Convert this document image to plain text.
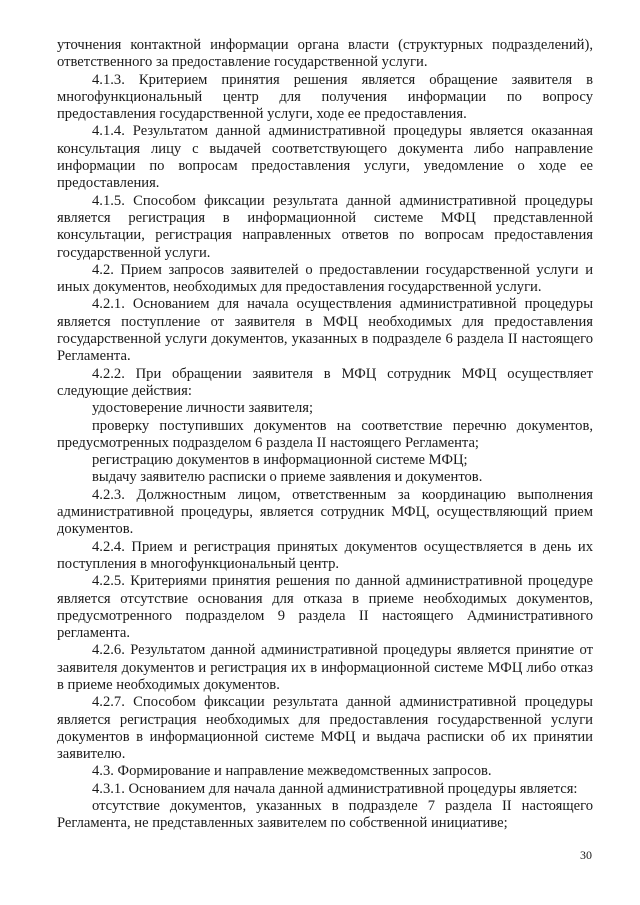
уточнения контактной информации органа власти (структурных подразделений), ответственного за предоставление государственной услуги.

4.1.3. Критерием принятия решения является обращение заявителя в многофункциональный центр для получения информации по вопросу предоставления государственной услуги, ходе ее предоставления.

4.1.4. Результатом данной административной процедуры является оказанная консультация лицу с выдачей соответствующего документа либо направление информации по вопросам предоставления услуги, уведомление о ходе ее предоставления.

4.1.5. Способом фиксации результата данной административной процедуры является регистрация в информационной системе МФЦ представленной консультации, регистрация направленных ответов по вопросам предоставления государственной услуги.

4.2. Прием запросов заявителей о предоставлении государственной услуги и иных документов, необходимых для предоставления государственной услуги.

4.2.1. Основанием для начала осуществления административной процедуры является поступление от заявителя в МФЦ необходимых для предоставления государственной услуги документов, указанных в подразделе 6 раздела II настоящего Регламента.

4.2.2. При обращении заявителя в МФЦ сотрудник МФЦ осуществляет следующие действия:

удостоверение личности заявителя;

проверку поступивших документов на соответствие перечню документов, предусмотренных подразделом 6 раздела II настоящего Регламента;

регистрацию документов в информационной системе МФЦ;

выдачу заявителю расписки о приеме заявления и документов.

4.2.3. Должностным лицом, ответственным за координацию выполнения административной процедуры, является сотрудник МФЦ, осуществляющий прием документов.

4.2.4. Прием и регистрация принятых документов осуществляется в день их поступления в многофункциональный центр.

4.2.5. Критериями принятия решения по данной административной процедуре является отсутствие основания для отказа в приеме необходимых документов, предусмотренного подразделом 9 раздела II настоящего Административного регламента.

4.2.6. Результатом данной административной процедуры является принятие от заявителя документов и регистрация их в информационной системе МФЦ либо отказ в приеме необходимых документов.

4.2.7. Способом фиксации результата данной административной процедуры является регистрация необходимых для предоставления государственной услуги документов в информационной системе МФЦ и выдача расписки об их принятии заявителю.

4.3. Формирование и направление межведомственных запросов.

4.3.1. Основанием для начала данной административной процедуры является:

отсутствие документов, указанных в подразделе 7 раздела II настоящего Регламента, не представленных заявителем по собственной инициативе;

30
